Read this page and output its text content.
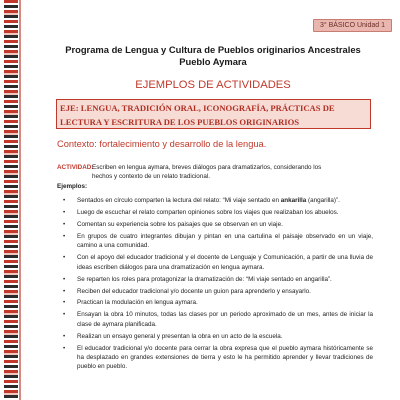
3° BÁSICO Unidad 1
Programa de Lengua y Cultura de Pueblos originarios Ancestrales
Pueblo Aymara
EJEMPLOS DE ACTIVIDADES
EJE: LENGUA, TRADICIÓN ORAL, ICONOGRAFÍA, PRÁCTICAS DE
LECTURA Y ESCRITURA DE LOS PUEBLOS ORIGINARIOS
Contexto: fortalecimiento y desarrollo de la lengua.
ACTIVIDAD:
Escriben en lengua aymara, breves diálogos para dramatizarlos, considerando los
hechos y contexto de un relato tradicional.
Ejemplos:
• Sentados en círculo comparten la lectura del relato: “Mi viaje sentado en ankarilla (angarilla)”.
• Luego de escuchar el relato comparten opiniones sobre los viajes que realizaban los abuelos.
• Comentan su experiencia sobre los paisajes que se observan en un viaje.
• En grupos de cuatro integrantes dibujan y pintan en una cartulina el paisaje observado en un viaje, camino a una comunidad.
• Con el apoyo del educador tradicional y el docente de Lenguaje y Comunicación, a partir de una lluvia de ideas escriben diálogos para una dramatización en lengua aymara.
• Se reparten los roles para protagonizar la dramatización de: “Mi viaje sentado en angarilla”.
• Reciben del educador tradicional y/o docente un guion para aprenderlo y ensayarlo.
• Practican la modulación en lengua aymara.
• Ensayan la obra 10 minutos, todas las clases por un periodo aproximado de un mes, antes de iniciar la clase de aymara planificada.
• Realizan un ensayo general y presentan la obra en un acto de la escuela.
• El educador tradicional y/o docente para cerrar la obra expresa que el pueblo aymara históricamente se ha desplazado en grandes extensiones de tierra y esto le ha permitido aprender y llevar tradiciones de pueblo en pueblo.
